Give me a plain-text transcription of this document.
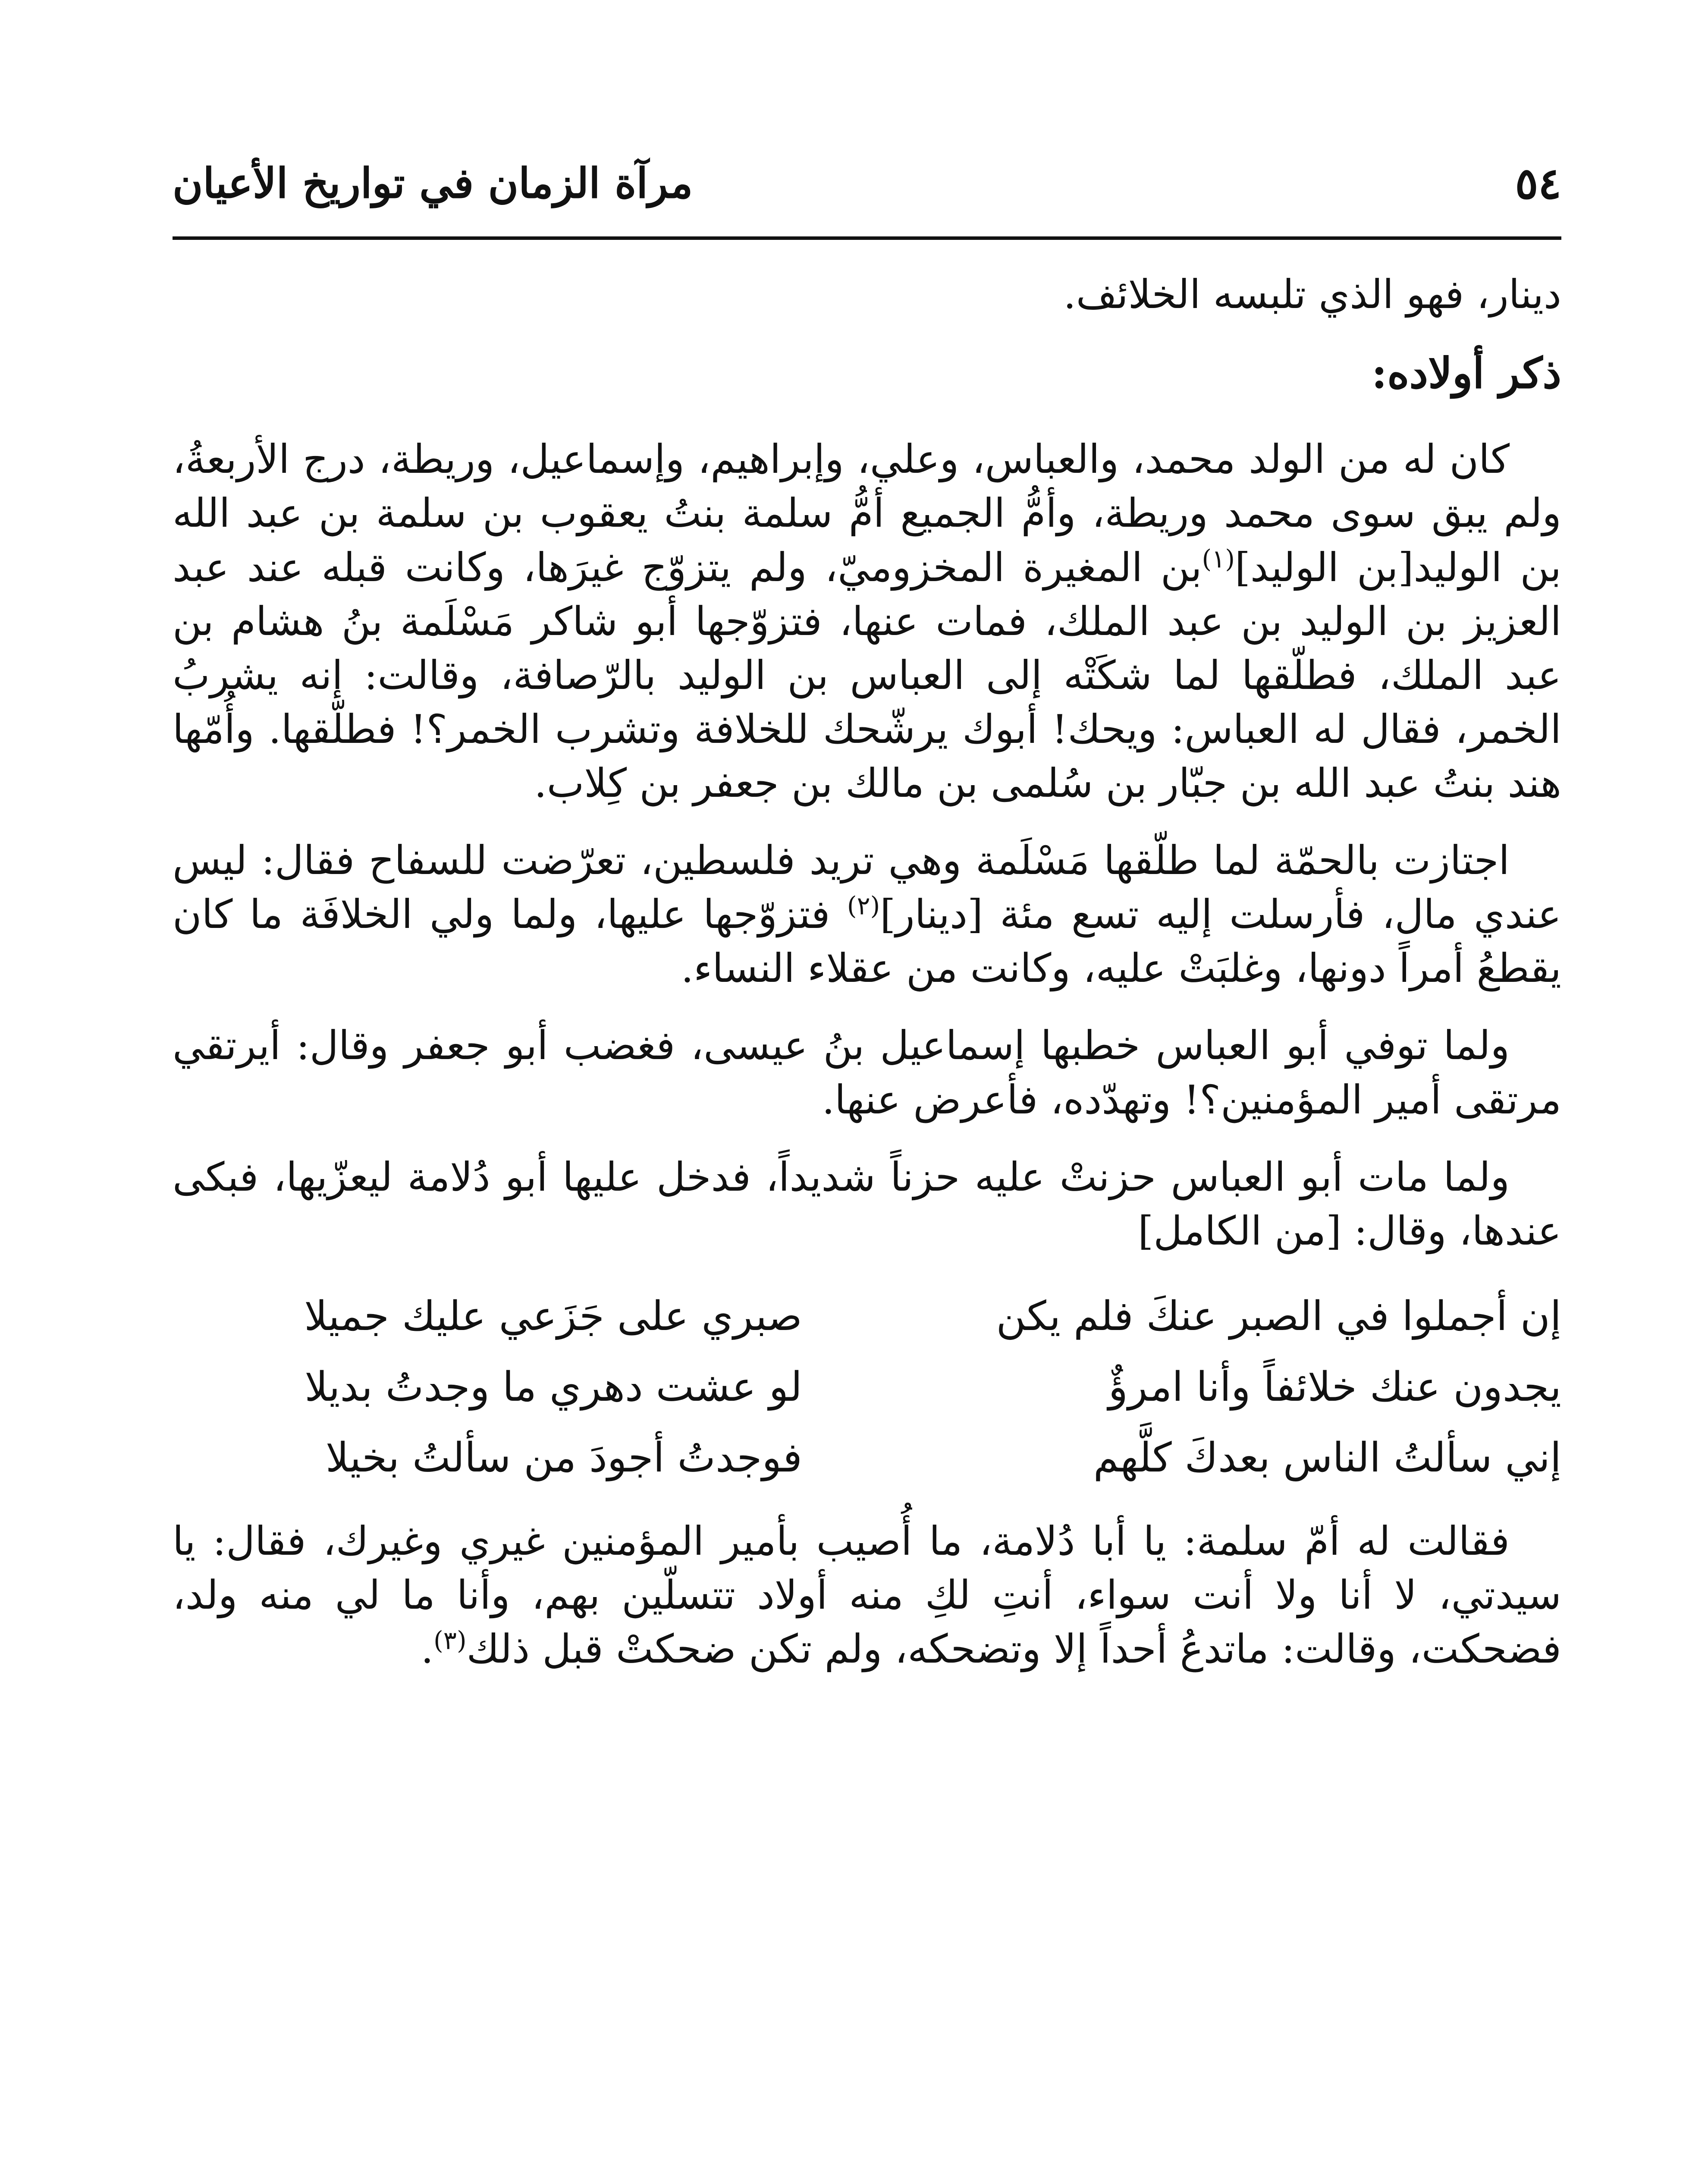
٥٤
مرآة الزمان في تواريخ الأعيان

دينار، فهو الذي تلبسه الخلائف.

ذكر أولاده:

كان له من الولد محمد، والعباس، وعلي، وإبراهيم، وإسماعيل، وريطة، درج الأربعةُ، ولم يبق سوى محمد وريطة، وأمُّ الجميع أمُّ سلمة بنتُ يعقوب بن سلمة بن عبد الله بن الوليد[بن الوليد]$^{(١)}$بن المغيرة المخزوميّ، ولم يتزوّج غيرَها، وكانت قبله عند عبد العزيز بن الوليد بن عبد الملك، فمات عنها، فتزوّجها أبو شاكر مَسْلَمة بنُ هشام بن عبد الملك، فطلّقها لما شكَتْه إلى العباس بن الوليد بالرّصافة، وقالت: إنه يشربُ الخمر، فقال له العباس: ويحك! أبوك يرشّحك للخلافة وتشرب الخمر؟! فطلّقها. وأُمّها هند بنتُ عبد الله بن جبّار بن سُلمى بن مالك بن جعفر بن كِلاب.

اجتازت بالحمّة لما طلّقها مَسْلَمة وهي تريد فلسطين، تعرّضت للسفاح فقال: ليس عندي مال، فأرسلت إليه تسع مئة [دينار]$^{(٢)}$ فتزوّجها عليها، ولما ولي الخلافَة ما كان يقطعُ أمراً دونها، وغلبَتْ عليه، وكانت من عقلاء النساء.

ولما توفي أبو العباس خطبها إسماعيل بنُ عيسى، فغضب أبو جعفر وقال: أيرتقي مرتقى أمير المؤمنين؟! وتهدّده، فأعرض عنها.

ولما مات أبو العباس حزنتْ عليه حزناً شديداً، فدخل عليها أبو دُلامة ليعزّيها، فبكى عندها، وقال: [من الكامل]

إن أجملوا في الصبر عنكَ فلم يكن
صبري على جَزَعي عليك جميلا
يجدون عنك خلائفاً وأنا امرؤٌ
لو عشت دهري ما وجدتُ بديلا
إني سألتُ الناس بعدكَ كلَّهم
فوجدتُ أجودَ من سألتُ بخيلا

فقالت له أمّ سلمة: يا أبا دُلامة، ما أُصيب بأمير المؤمنين غيري وغيرك، فقال: يا سيدتي، لا أنا ولا أنت سواء، أنتِ لكِ منه أولاد تتسلّين بهم، وأنا ما لي منه ولد، فضحكت، وقالت: ماتدعُ أحداً إلا وتضحكه، ولم تكن ضحكتْ قبل ذلك$^{(٣)}$.
